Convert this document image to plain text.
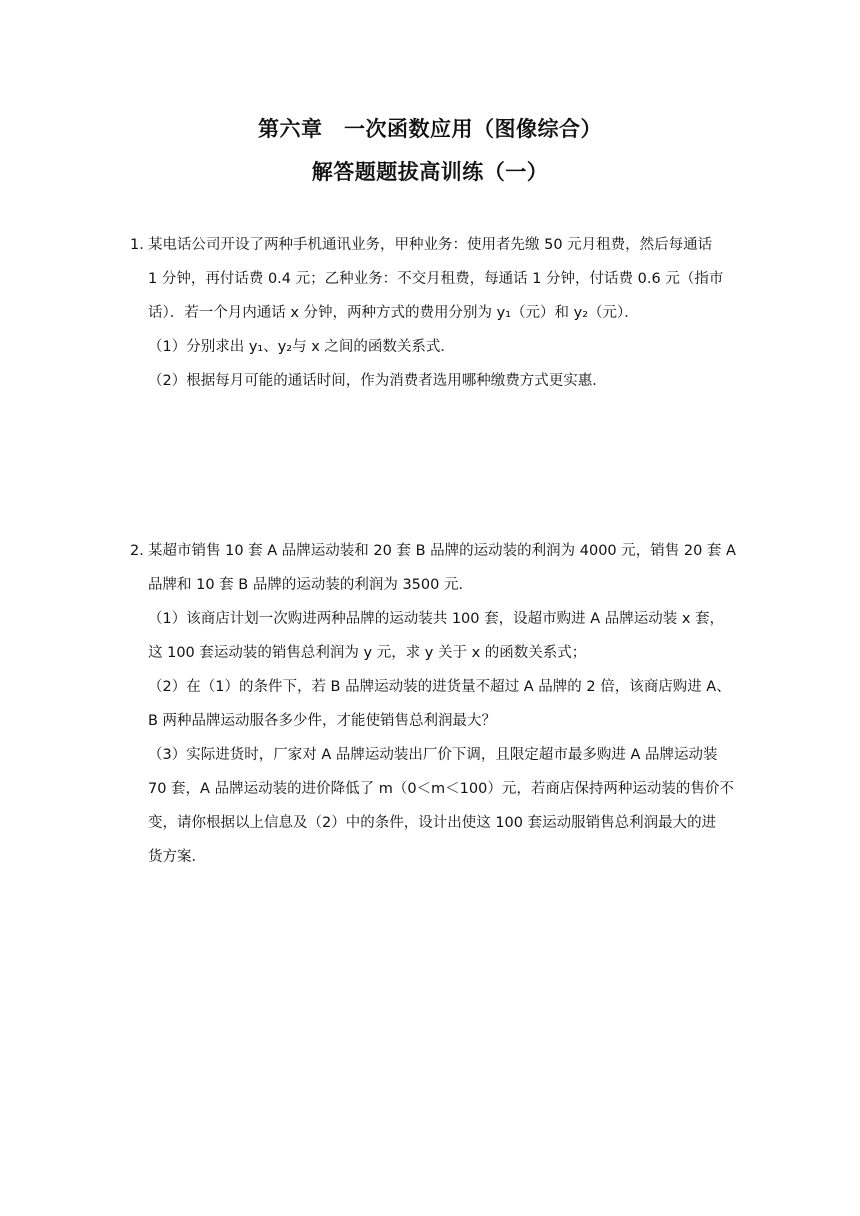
第六章　一次函数应用（图像综合）
解答题题拔高训练（一）
1．某电话公司开设了两种手机通讯业务，甲种业务：使用者先缴 50 元月租费，然后每通话
1 分钟，再付话费 0.4 元；乙种业务：不交月租费，每通话 1 分钟，付话费 0.6 元（指市
话）．若一个月内通话 x 分钟，两种方式的费用分别为 y₁（元）和 y₂（元）．
（1）分别求出 y₁、y₂与 x 之间的函数关系式．
（2）根据每月可能的通话时间，作为消费者选用哪种缴费方式更实惠．
2．某超市销售 10 套 A 品牌运动装和 20 套 B 品牌的运动装的利润为 4000 元，销售 20 套 A
品牌和 10 套 B 品牌的运动装的利润为 3500 元．
（1）该商店计划一次购进两种品牌的运动装共 100 套，设超市购进 A 品牌运动装 x 套，
这 100 套运动装的销售总利润为 y 元，求 y 关于 x 的函数关系式；
（2）在（1）的条件下，若 B 品牌运动装的进货量不超过 A 品牌的 2 倍，该商店购进 A、
B 两种品牌运动服各多少件，才能使销售总利润最大？
（3）实际进货时，厂家对 A 品牌运动装出厂价下调，且限定超市最多购进 A 品牌运动装
70 套，A 品牌运动装的进价降低了 m（0＜m＜100）元，若商店保持两种运动装的售价不
变，请你根据以上信息及（2）中的条件，设计出使这 100 套运动服销售总利润最大的进
货方案．
